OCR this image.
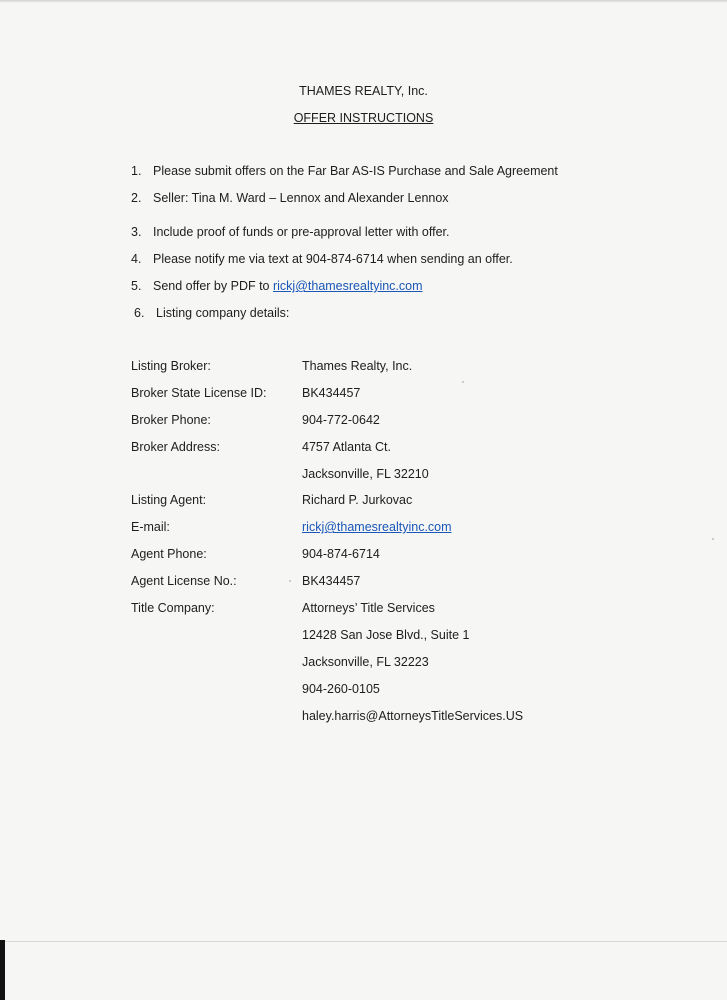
THAMES REALTY, Inc.
OFFER INSTRUCTIONS
1. Please submit offers on the Far Bar AS-IS Purchase and Sale Agreement
2. Seller: Tina M. Ward – Lennox and Alexander Lennox
3. Include proof of funds or pre-approval letter with offer.
4. Please notify me via text at 904-874-6714 when sending an offer.
5. Send offer by PDF to rickj@thamesrealtyinc.com
6. Listing company details:
Listing Broker:	Thames Realty, Inc.
Broker State License ID:	BK434457
Broker Phone:	904-772-0642
Broker Address:	4757 Atlanta Ct.
Jacksonville, FL 32210
Listing Agent:	Richard P. Jurkovac
E-mail:	rickj@thamesrealtyinc.com
Agent Phone:	904-874-6714
Agent License No.:	BK434457
Title Company:	Attorneys’ Title Services
12428 San Jose Blvd., Suite 1
Jacksonville, FL 32223
904-260-0105
haley.harris@AttorneysTitleServices.US
